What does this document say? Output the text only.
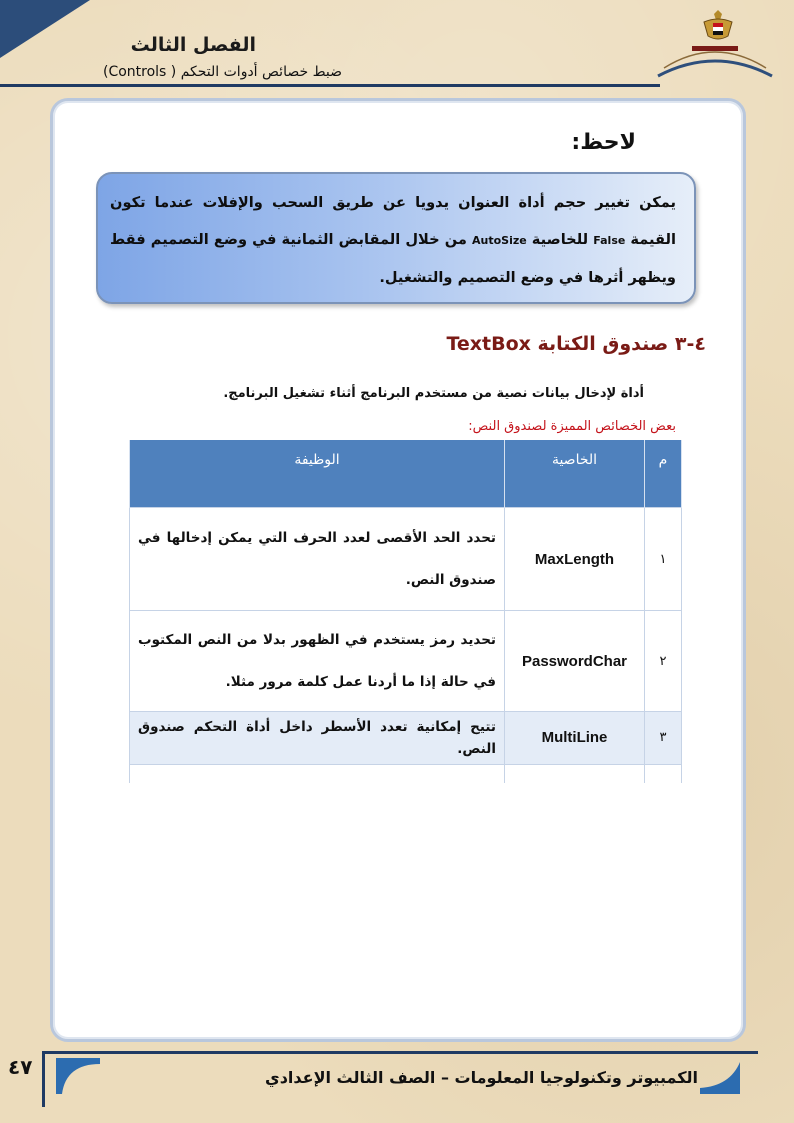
الفصل الثالث
ضبط خصائص أدوات التحكم ( Controls)
لاحظ:
يمكن تغيير حجم أداة العنوان يدويا عن طريق السحب والإفلات عندما تكون القيمة False للخاصية AutoSize من خلال المقابض الثمانية في وضع التصميم فقط ويظهر أثرها في وضع التصميم والتشغيل.
٤-٣ صندوق الكتابة TextBox
أداة لإدخال بيانات نصية من مستخدم البرنامج أثناء تشغيل البرنامج.
بعض الخصائص المميزة لصندوق النص:
م	الخاصية	الوظيفة
١	MaxLength	تحدد الحد الأقصى لعدد الحرف التي يمكن إدخالها في صندوق النص.
٢	PasswordChar	تحديد رمز يستخدم في الظهور بدلا من النص المكتوب في حالة إذا ما أردنا عمل كلمة مرور مثلا.
٣	MultiLine	تتيح إمكانية تعدد الأسطر داخل أداة التحكم صندوق النص.

٤٧	الكمبيوتر وتكنولوجيا المعلومات – الصف الثالث الإعدادي
